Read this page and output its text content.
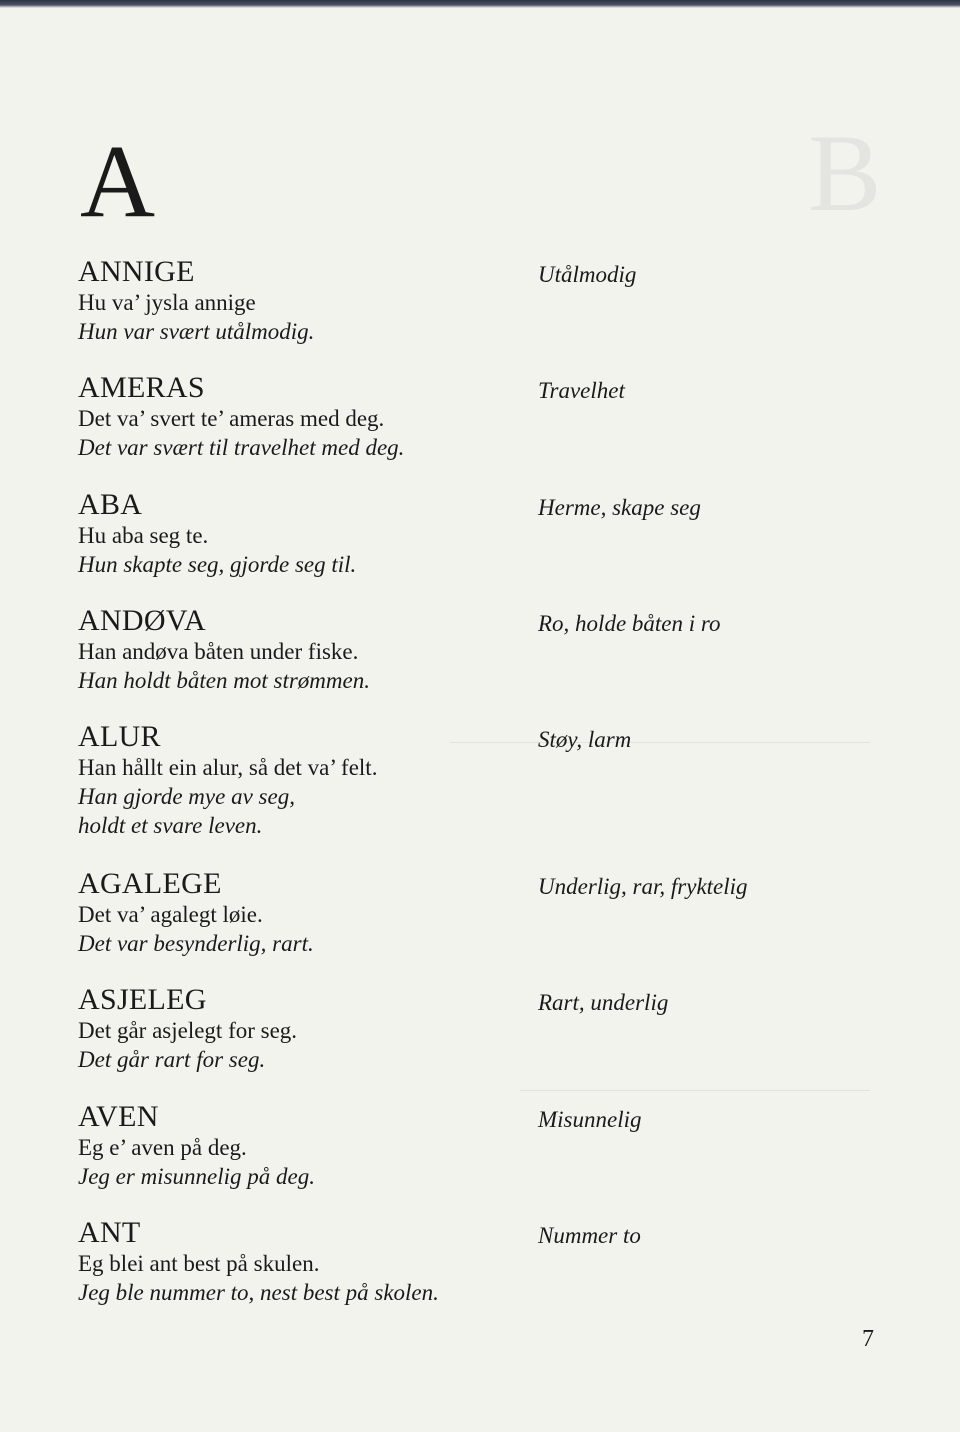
B
A
ANNIGE
Hu va’ jysla annige
Hun var svært utålmodig.
Utålmodig
AMERAS
Det va’ svert te’ ameras med deg.
Det var svært til travelhet med deg.
Travelhet
ABA
Hu aba seg te.
Hun skapte seg, gjorde seg til.
Herme, skape seg
ANDØVA
Han andøva båten under fiske.
Han holdt båten mot strømmen.
Ro, holde båten i ro
ALUR
Han hållt ein alur, så det va’ felt.
Han gjorde mye av seg,
holdt et svare leven.
Støy, larm
AGALEGE
Det va’ agalegt løie.
Det var besynderlig, rart.
Underlig, rar, fryktelig
ASJELEG
Det går asjelegt for seg.
Det går rart for seg.
Rart, underlig
AVEN
Eg e’ aven på deg.
Jeg er misunnelig på deg.
Misunnelig
ANT
Eg blei ant best på skulen.
Jeg ble nummer to, nest best på skolen.
Nummer to
7
